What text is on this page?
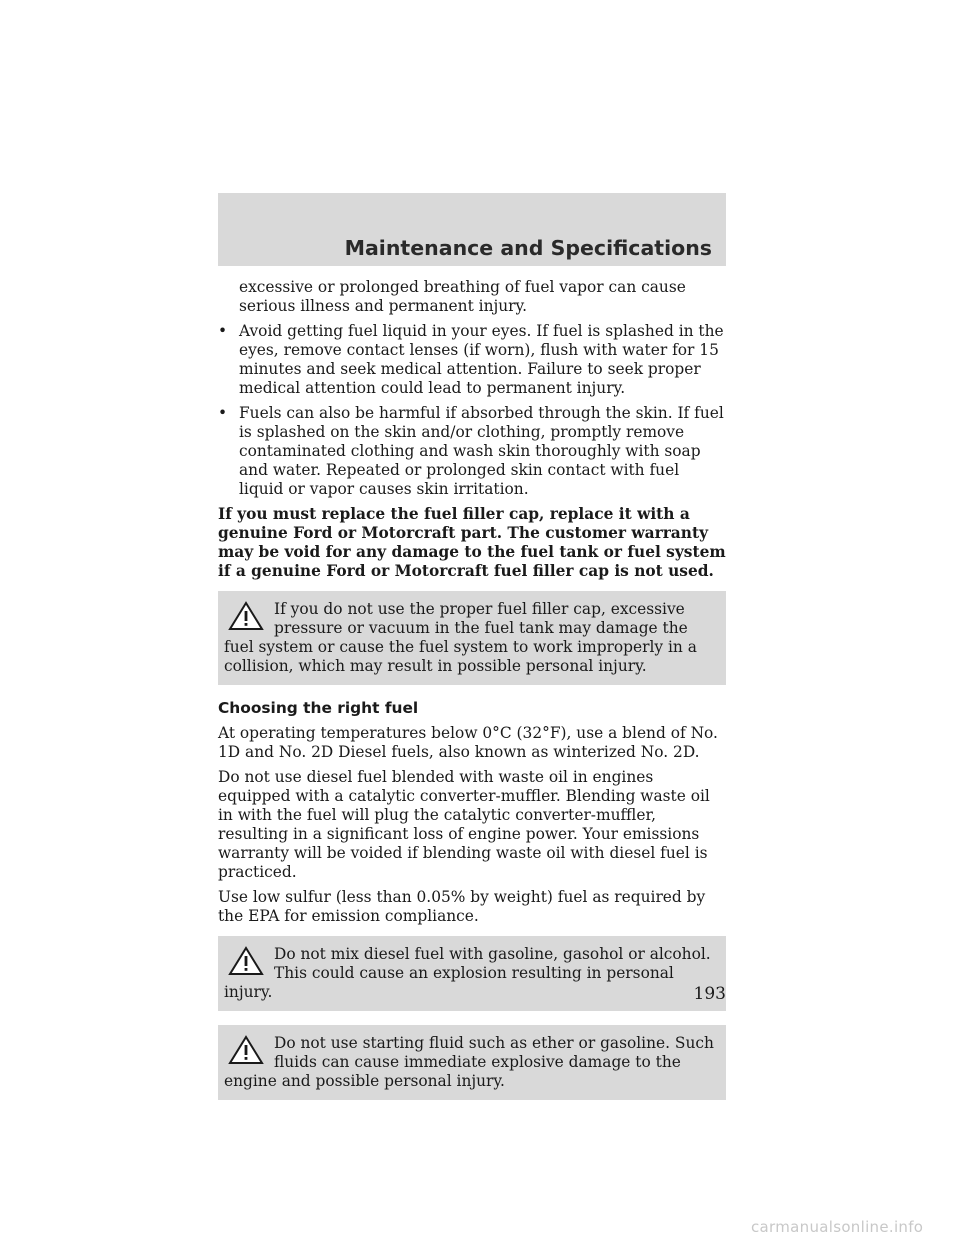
Maintenance and Specifications

excessive or prolonged breathing of fuel vapor can cause serious illness and permanent injury.

• Avoid getting fuel liquid in your eyes. If fuel is splashed in the eyes, remove contact lenses (if worn), flush with water for 15 minutes and seek medical attention. Failure to seek proper medical attention could lead to permanent injury.
• Fuels can also be harmful if absorbed through the skin. If fuel is splashed on the skin and/or clothing, promptly remove contaminated clothing and wash skin thoroughly with soap and water. Repeated or prolonged skin contact with fuel liquid or vapor causes skin irritation.

If you must replace the fuel filler cap, replace it with a genuine Ford or Motorcraft part. The customer warranty may be void for any damage to the fuel tank or fuel system if a genuine Ford or Motorcraft fuel filler cap is not used.

If you do not use the proper fuel filler cap, excessive pressure or vacuum in the fuel tank may damage the fuel system or cause the fuel system to work improperly in a collision, which may result in possible personal injury.
Choosing the right fuel

At operating temperatures below 0°C (32°F), use a blend of No. 1D and No. 2D Diesel fuels, also known as winterized No. 2D.

Do not use diesel fuel blended with waste oil in engines equipped with a catalytic converter-muffler. Blending waste oil in with the fuel will plug the catalytic converter-muffler, resulting in a significant loss of engine power. Your emissions warranty will be voided if blending waste oil with diesel fuel is practiced.

Use low sulfur (less than 0.05% by weight) fuel as required by the EPA for emission compliance.

Do not mix diesel fuel with gasoline, gasohol or alcohol. This could cause an explosion resulting in personal injury.
Do not use starting fluid such as ether or gasoline. Such fluids can cause immediate explosive damage to the engine and possible personal injury.
193
carmanualsonline.info
